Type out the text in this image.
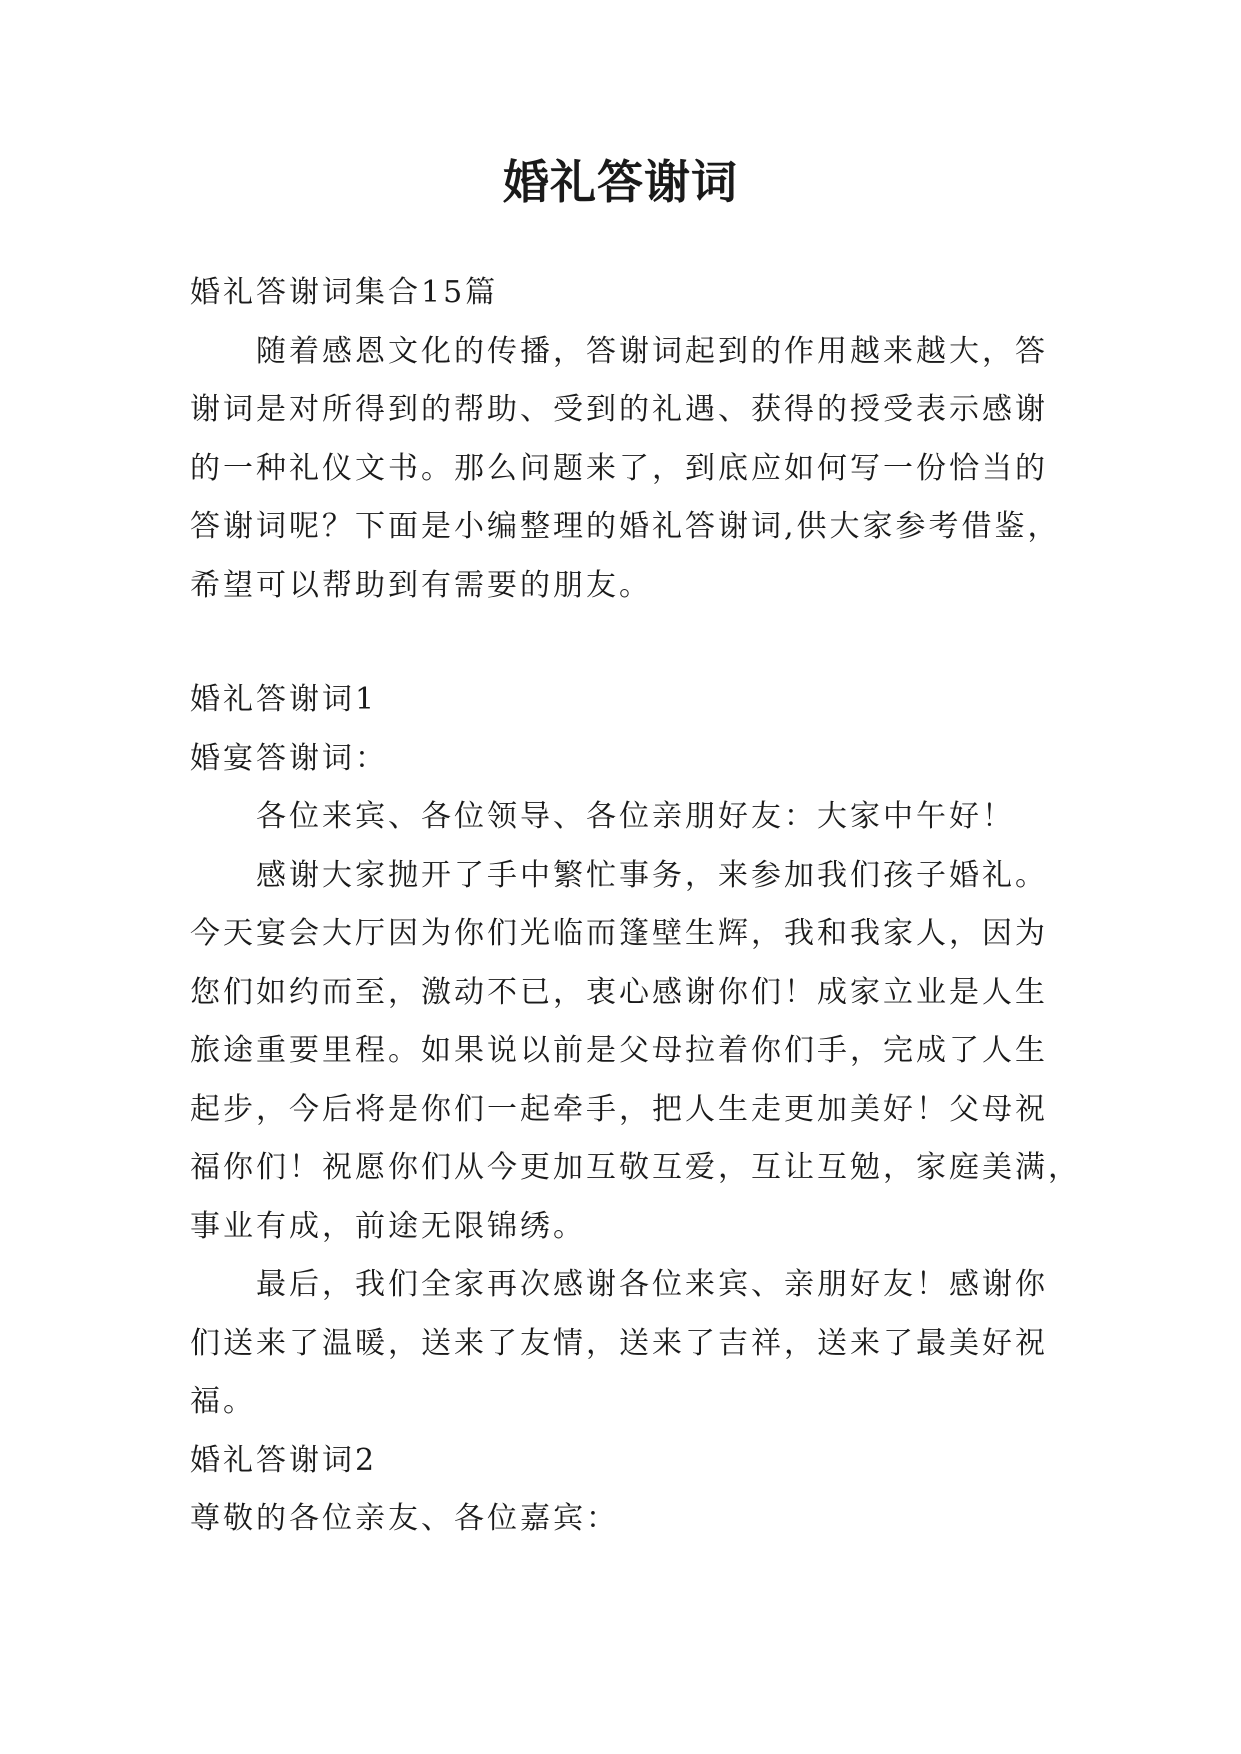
婚礼答谢词
婚礼答谢词集合15篇
随着感恩文化的传播，答谢词起到的作用越来越大，答
谢词是对所得到的帮助、受到的礼遇、获得的授受表示感谢
的一种礼仪文书。那么问题来了，到底应如何写一份恰当的
答谢词呢？下面是小编整理的婚礼答谢词,供大家参考借鉴，
希望可以帮助到有需要的朋友。
婚礼答谢词1
婚宴答谢词：
各位来宾、各位领导、各位亲朋好友：大家中午好！
感谢大家抛开了手中繁忙事务，来参加我们孩子婚礼。
今天宴会大厅因为你们光临而篷壁生辉，我和我家人，因为
您们如约而至，激动不已，衷心感谢你们！成家立业是人生
旅途重要里程。如果说以前是父母拉着你们手，完成了人生
起步，今后将是你们一起牵手，把人生走更加美好！父母祝
福你们！祝愿你们从今更加互敬互爱，互让互勉，家庭美满，
事业有成，前途无限锦绣。
最后，我们全家再次感谢各位来宾、亲朋好友！感谢你
们送来了温暖，送来了友情，送来了吉祥，送来了最美好祝
福。
婚礼答谢词2
尊敬的各位亲友、各位嘉宾：
